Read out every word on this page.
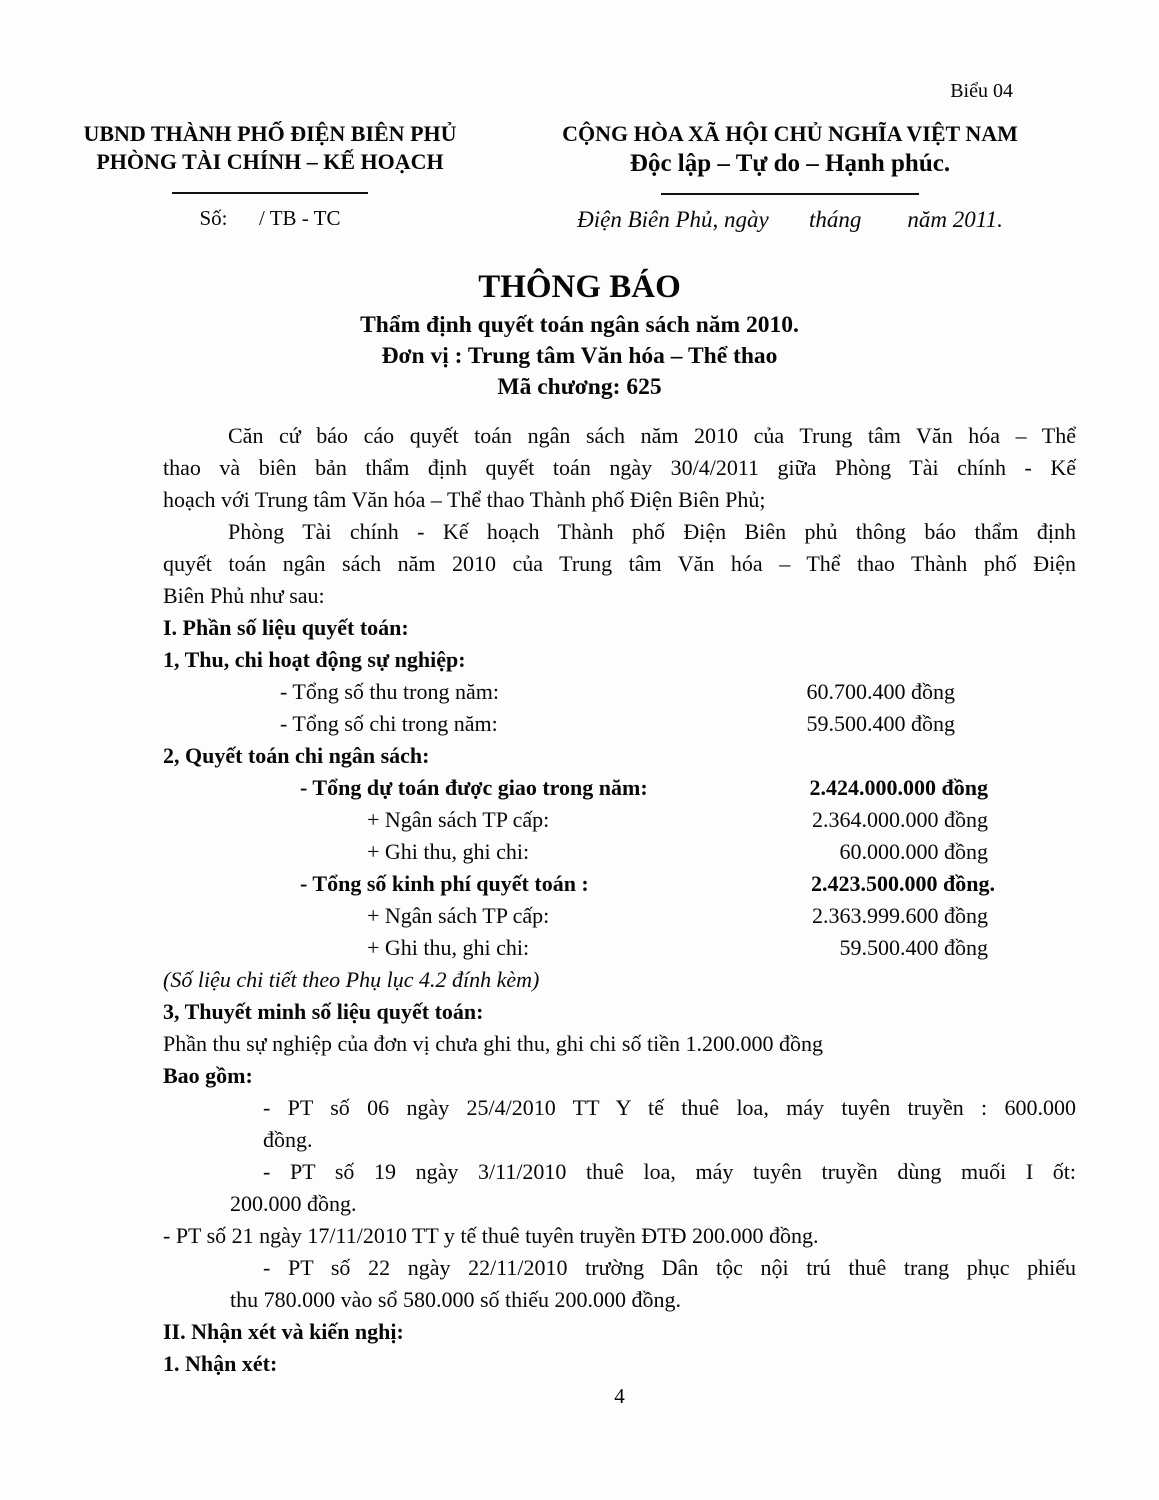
Biểu 04
UBND THÀNH PHỐ ĐIỆN BIÊN PHỦ
PHÒNG TÀI CHÍNH – KẾ HOẠCH
Số:      / TB - TC
CỘNG HÒA XÃ HỘI CHỦ NGHĨA VIỆT NAM
Độc lập – Tự do – Hạnh phúc.
Điện Biên Phủ, ngày       tháng        năm 2011.
THÔNG BÁO
Thẩm định quyết toán ngân sách năm 2010.
Đơn vị : Trung tâm Văn hóa – Thể thao
Mã chương: 625
Căn cứ báo cáo quyết toán ngân sách năm 2010 của Trung tâm Văn hóa – Thể
thao và biên bản thẩm định quyết toán ngày 30/4/2011 giữa Phòng Tài chính - Kế
hoạch với Trung tâm Văn hóa – Thể thao Thành phố Điện Biên Phủ;
Phòng Tài chính - Kế hoạch Thành phố Điện Biên phủ thông báo thẩm định
quyết toán ngân sách năm 2010 của Trung tâm Văn hóa – Thể thao Thành phố Điện
Biên Phủ như sau:
I. Phần số liệu quyết toán:
1, Thu, chi hoạt động sự nghiệp:
- Tổng số thu trong năm:	60.700.400 đồng
- Tổng số chi trong năm:	59.500.400 đồng
2, Quyết toán chi ngân sách:
- Tổng dự toán được giao trong năm:	2.424.000.000 đồng
+ Ngân sách TP cấp:	2.364.000.000 đồng
+ Ghi thu, ghi chi:	60.000.000 đồng
- Tổng số kinh phí quyết toán :	2.423.500.000 đồng.
+ Ngân sách TP cấp:	2.363.999.600 đồng
+ Ghi thu, ghi chi:	59.500.400 đồng
(Số liệu chi tiết theo Phụ lục 4.2 đính kèm)
3, Thuyết minh số liệu quyết toán:
Phần thu sự nghiệp của đơn vị chưa ghi thu, ghi chi số tiền 1.200.000 đồng
Bao gồm:
- PT số 06 ngày 25/4/2010 TT Y tế thuê loa, máy tuyên truyền : 600.000
đồng.
- PT số 19 ngày 3/11/2010 thuê loa, máy tuyên truyền dùng muối I ốt:
200.000 đồng.
- PT số 21 ngày 17/11/2010 TT y tế thuê tuyên truyền ĐTĐ 200.000 đồng.
- PT số 22 ngày 22/11/2010 trường Dân tộc nội trú thuê trang phục phiếu
thu 780.000 vào sổ 580.000 số thiếu 200.000 đồng.
II. Nhận xét và kiến nghị:
1. Nhận xét:
4
